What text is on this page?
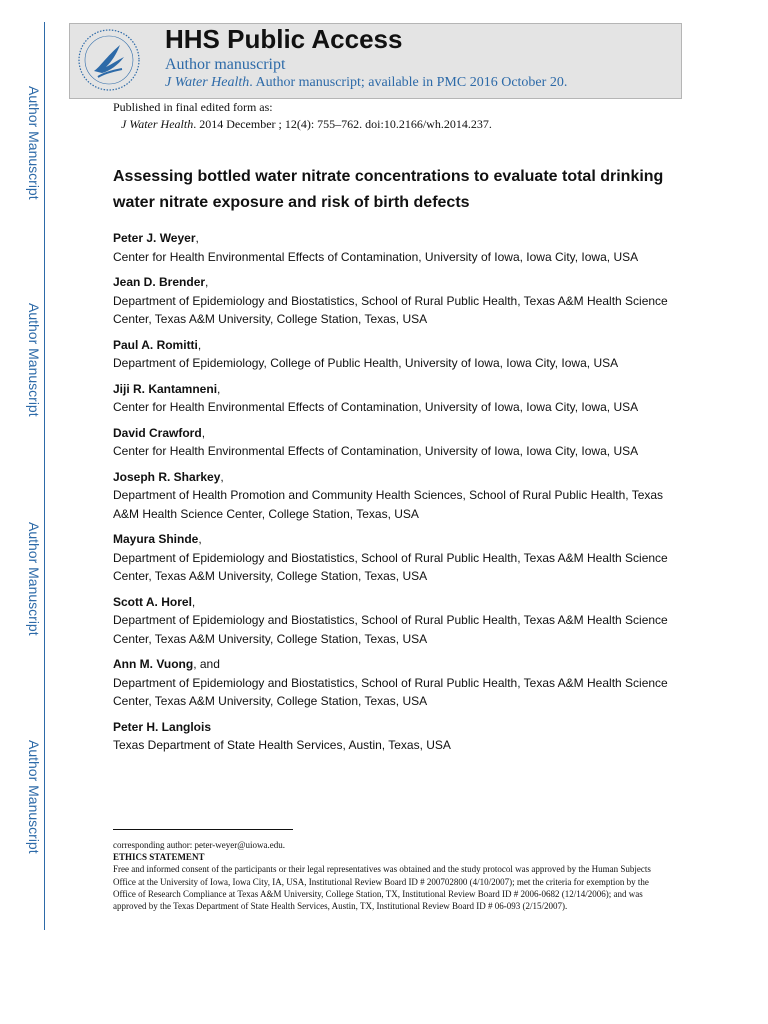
Author Manuscript
Author Manuscript
Author Manuscript
Author Manuscript
HHS Public Access
Author manuscript
J Water Health. Author manuscript; available in PMC 2016 October 20.
Published in final edited form as:
J Water Health. 2014 December ; 12(4): 755–762. doi:10.2166/wh.2014.237.
Assessing bottled water nitrate concentrations to evaluate total drinking water nitrate exposure and risk of birth defects
Peter J. Weyer,
Center for Health Environmental Effects of Contamination, University of Iowa, Iowa City, Iowa, USA
Jean D. Brender,
Department of Epidemiology and Biostatistics, School of Rural Public Health, Texas A&M Health Science Center, Texas A&M University, College Station, Texas, USA
Paul A. Romitti,
Department of Epidemiology, College of Public Health, University of Iowa, Iowa City, Iowa, USA
Jiji R. Kantamneni,
Center for Health Environmental Effects of Contamination, University of Iowa, Iowa City, Iowa, USA
David Crawford,
Center for Health Environmental Effects of Contamination, University of Iowa, Iowa City, Iowa, USA
Joseph R. Sharkey,
Department of Health Promotion and Community Health Sciences, School of Rural Public Health, Texas A&M Health Science Center, College Station, Texas, USA
Mayura Shinde,
Department of Epidemiology and Biostatistics, School of Rural Public Health, Texas A&M Health Science Center, Texas A&M University, College Station, Texas, USA
Scott A. Horel,
Department of Epidemiology and Biostatistics, School of Rural Public Health, Texas A&M Health Science Center, Texas A&M University, College Station, Texas, USA
Ann M. Vuong, and
Department of Epidemiology and Biostatistics, School of Rural Public Health, Texas A&M Health Science Center, Texas A&M University, College Station, Texas, USA
Peter H. Langlois
Texas Department of State Health Services, Austin, Texas, USA

corresponding author: peter-weyer@uiowa.edu.

ETHICS STATEMENT

Free and informed consent of the participants or their legal representatives was obtained and the study protocol was approved by the Human Subjects Office at the University of Iowa, Iowa City, IA, USA, Institutional Review Board ID # 200702800 (4/10/2007); met the criteria for exemption by the Office of Research Compliance at Texas A&M University, College Station, TX, Institutional Review Board ID # 2006-0682 (12/14/2006); and was approved by the Texas Department of State Health Services, Austin, TX, Institutional Review Board ID # 06-093 (2/15/2007).
